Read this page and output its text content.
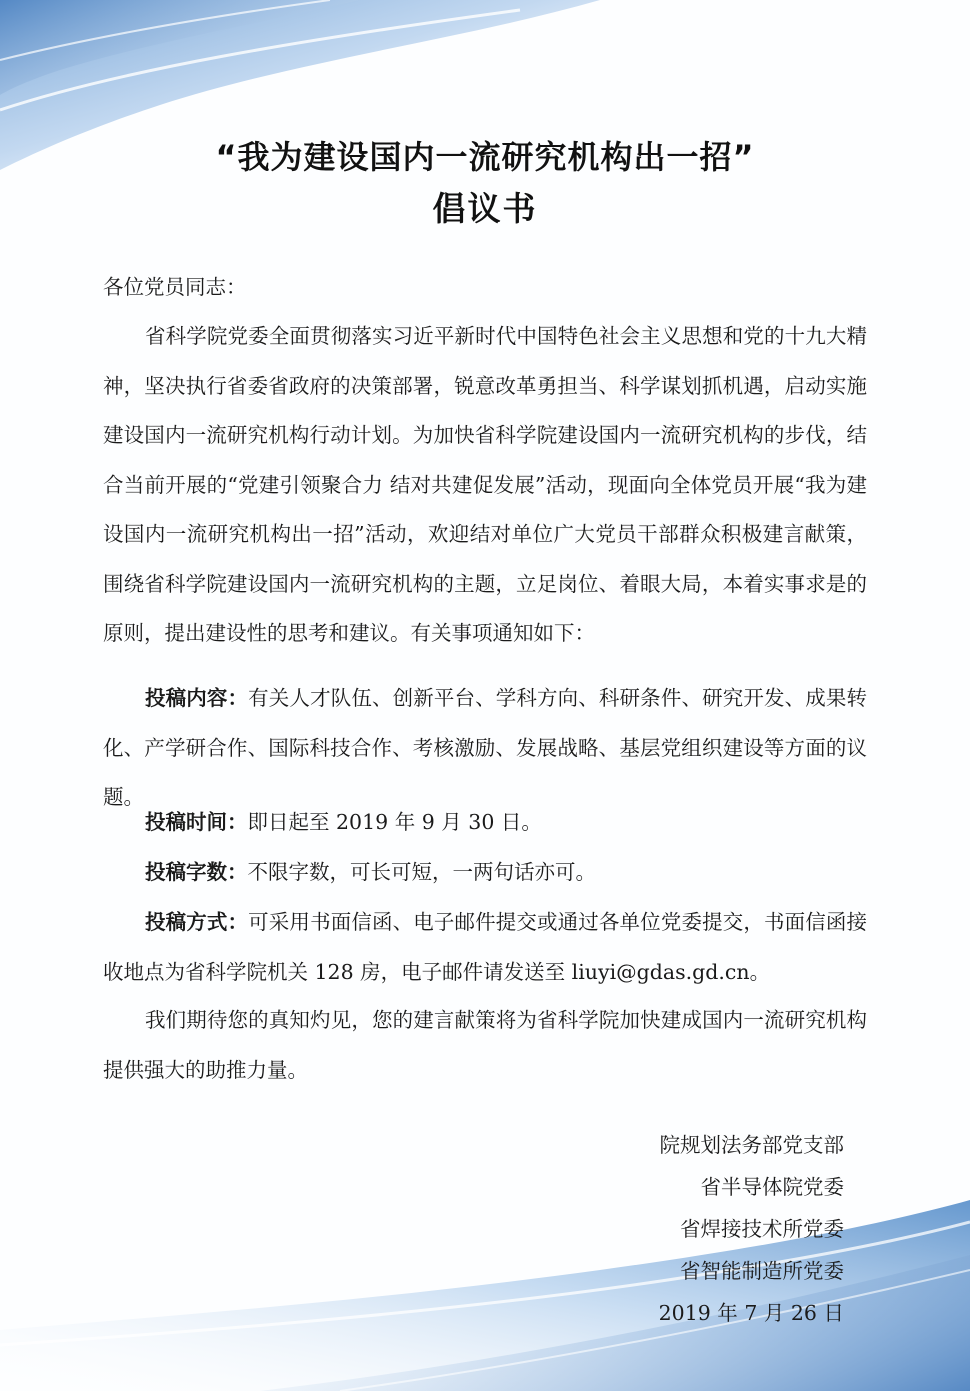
“我为建设国内一流研究机构出一招”
倡议书
各位党员同志：
省科学院党委全面贯彻落实习近平新时代中国特色社会主义思想和党的十九大精神，坚决执行省委省政府的决策部署，锐意改革勇担当、科学谋划抓机遇，启动实施建设国内一流研究机构行动计划。为加快省科学院建设国内一流研究机构的步伐，结合当前开展的“党建引领聚合力 结对共建促发展”活动，现面向全体党员开展“我为建设国内一流研究机构出一招”活动，欢迎结对单位广大党员干部群众积极建言献策，围绕省科学院建设国内一流研究机构的主题，立足岗位、着眼大局，本着实事求是的原则，提出建设性的思考和建议。有关事项通知如下：
投稿内容：有关人才队伍、创新平台、学科方向、科研条件、研究开发、成果转化、产学研合作、国际科技合作、考核激励、发展战略、基层党组织建设等方面的议题。
投稿时间：即日起至 2019 年 9 月 30 日。
投稿字数：不限字数，可长可短，一两句话亦可。
投稿方式：可采用书面信函、电子邮件提交或通过各单位党委提交，书面信函接收地点为省科学院机关 128 房，电子邮件请发送至 liuyi@gdas.gd.cn。
我们期待您的真知灼见，您的建言献策将为省科学院加快建成国内一流研究机构提供强大的助推力量。
院规划法务部党支部
省半导体院党委
省焊接技术所党委
省智能制造所党委
2019 年 7 月 26 日
